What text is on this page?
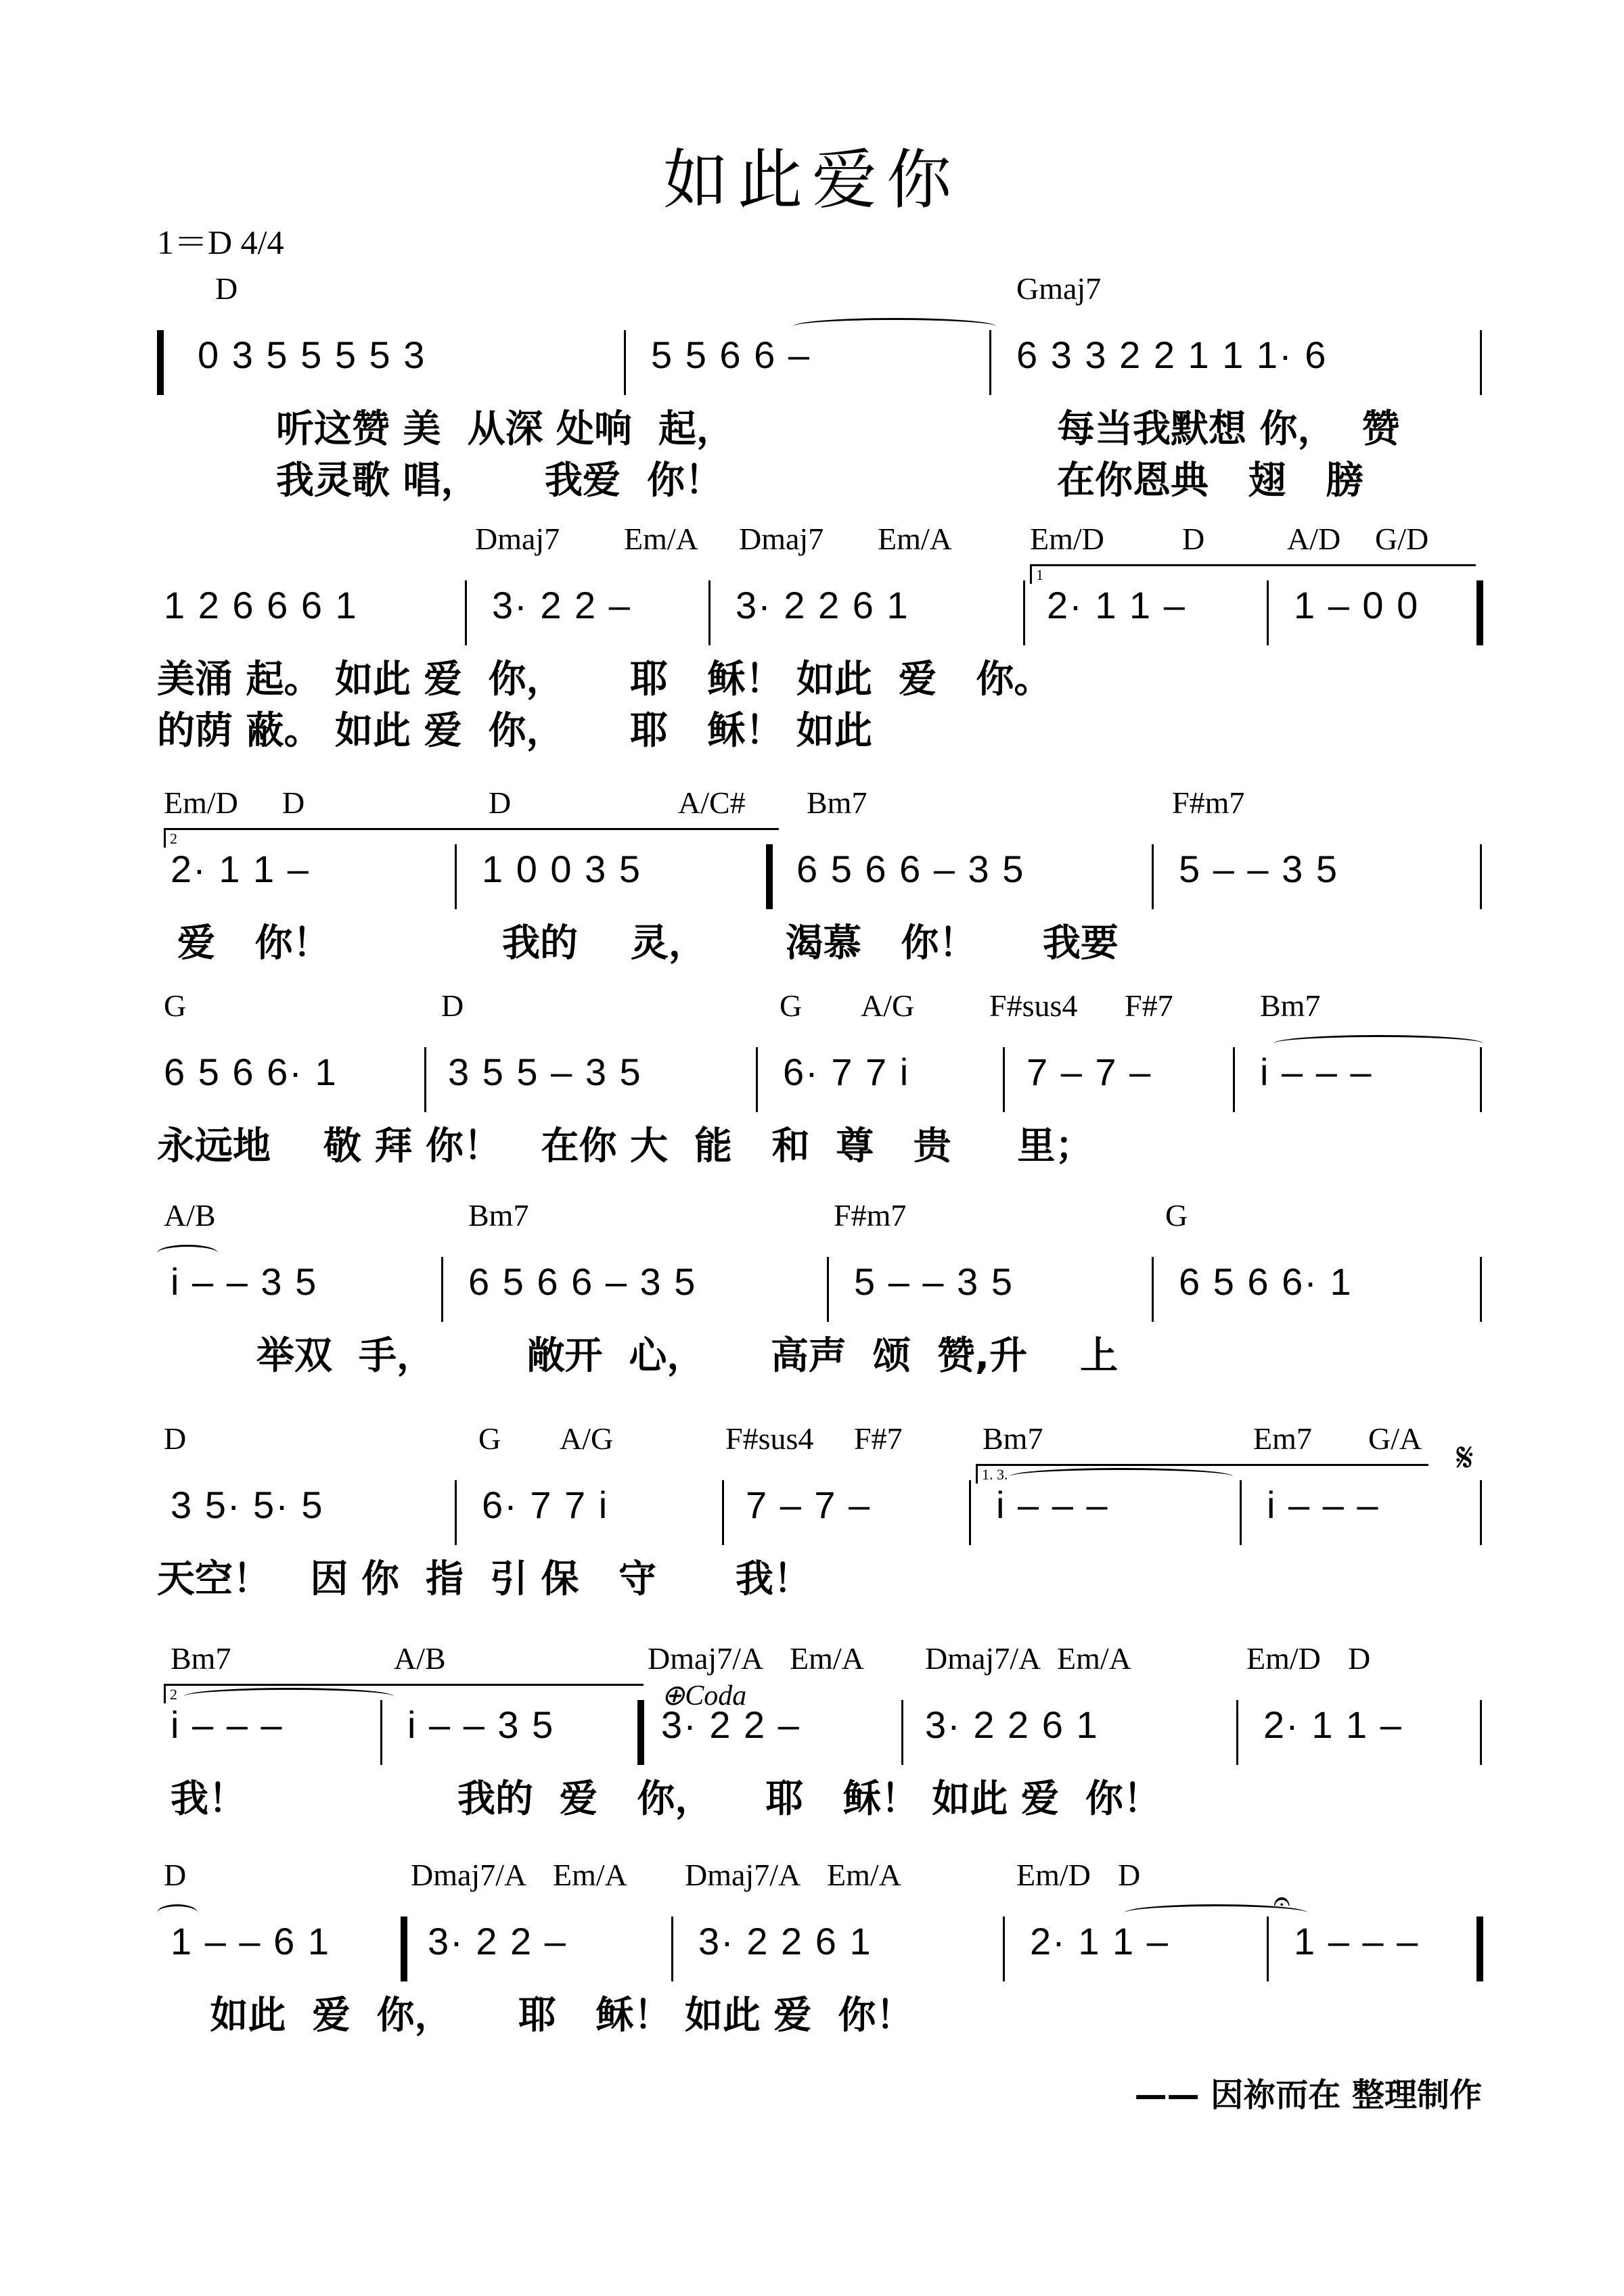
如此爱你
1＝D 4/4
D	Gmaj7
0 3 5 5 5 5 3	5 5 6 6 –	6 3 3 2 2 1 1 1· 6

听这赞 美  从深 处响  起，

	每当我默想 你，  赞

我灵歌 唱，     我爱  你！

	在你恩典   翅   膀

Dmaj7 Em/A Dmaj7 Em/A	Em/D	D	A/D G/D
1
1 2 6 6 6 1	3· 2 2 –	3· 2 2 6 1	2· 1 1 –	1 – 0 0

美涌 起。 如此 爱  你，     耶   稣！ 如此  爱   你。

的荫 蔽。 如此 爱  你，     耶   稣！ 如此

Em/D D	D	A/C# Bm7	F#m7
2
2· 1 1 –	1 0 0 3 5	6 5 6 6 – 3 5	5 – – 3 5

爱   你！             我的    灵，      渴慕   你！     我要

G	D	G A/G F#sus4 F#7	Bm7
6 5 6 6· 1	3 5 5 – 3 5	6· 7 7 i	7 – 7 –	i – – –

永远地    敬 拜 你！   在你 大  能   和  尊   贵     里；

A/B	Bm7	F#m7	G
i – – 3 5	6 5 6 6 – 3 5	5 – – 3 5	6 5 6 6· 1

举双  手，       敞开  心，     高声  颂  赞,升    上

D	G A/G	F#sus4 F#7	Bm7	Em7 G/A 𝄋
1. 3.
3 5· 5· 5	6· 7 7 i	7 – 7 –	i – – –	i – – –

天空！   因 你  指  引 保   守      我！

Bm7	A/B	Dmaj7/A Em/A Dmaj7/A Em/A	Em/D D
2	⊕Coda
i – – –	i – – 3 5	3· 2 2 –	3· 2 2 6 1	2· 1 1 –

我！                我的  爱   你，    耶   稣！ 如此 爱  你！

D	Dmaj7/A Em/A Dmaj7/A Em/A	Em/D D
𝄐
1 – – 6 1	3· 2 2 –	3· 2 2 6 1	2· 1 1 –	1 – – –

如此  爱  你，     耶   稣！ 如此 爱  你！

—— 因祢而在 整理制作
